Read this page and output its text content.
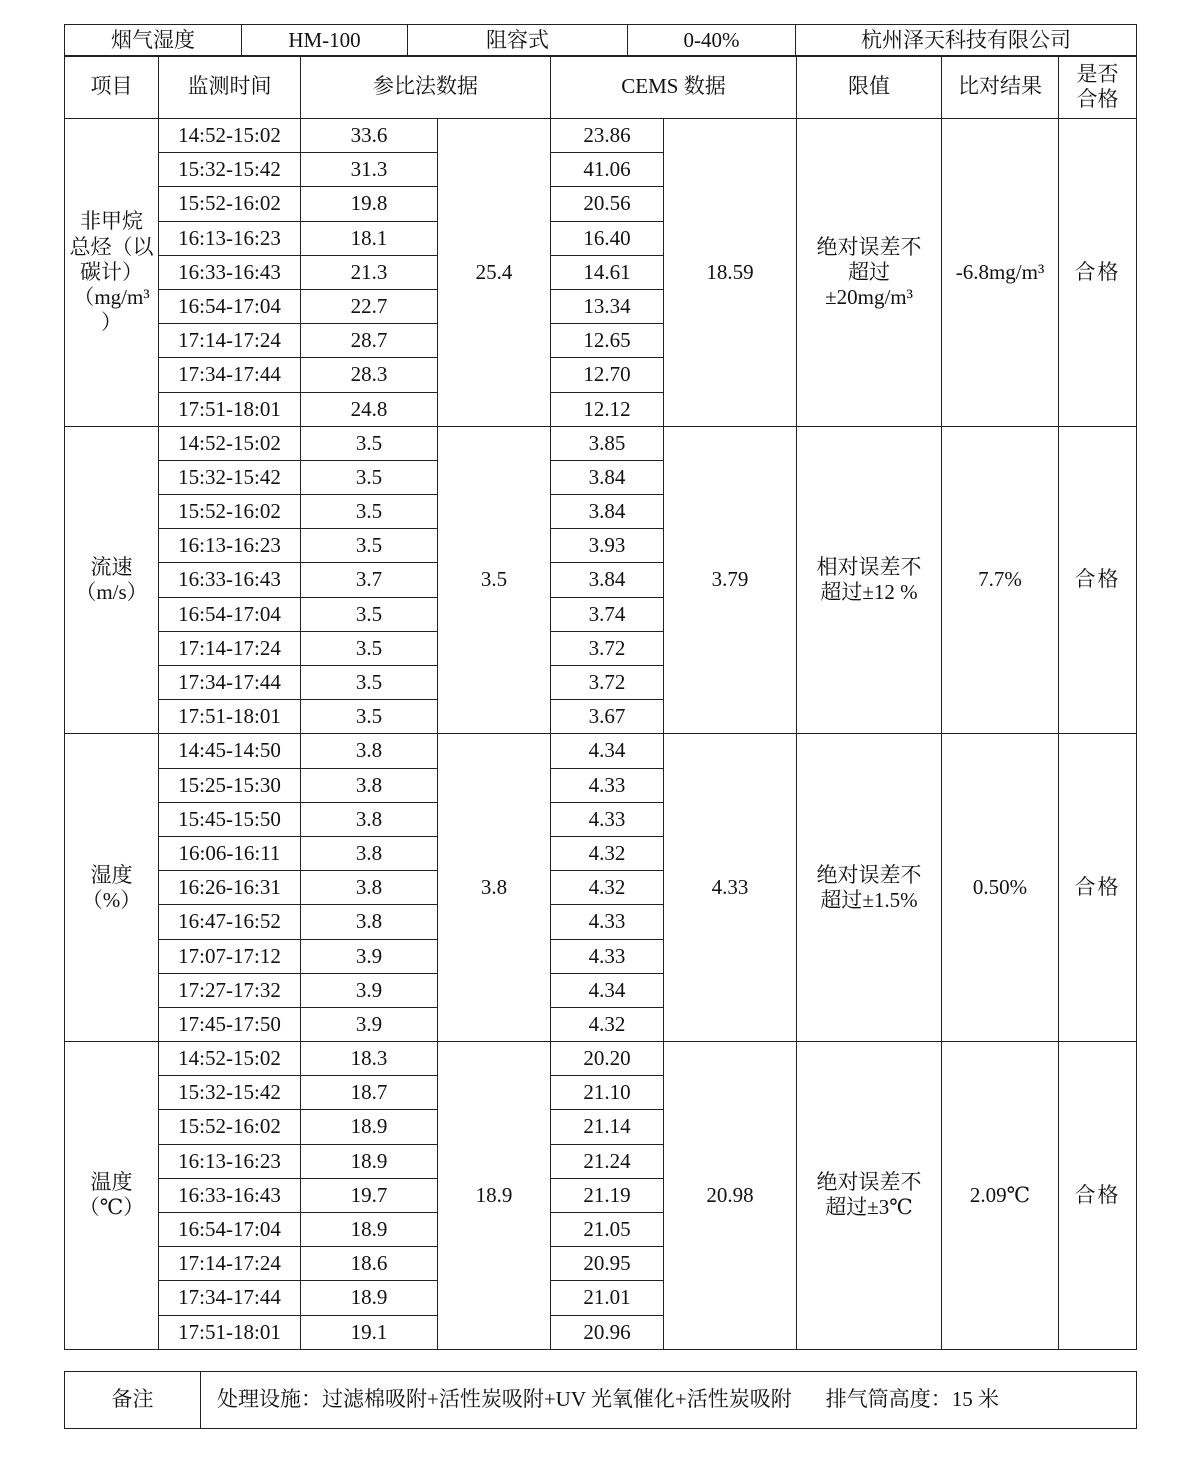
烟气湿度	HM-100	阻容式	0-40%	杭州泽天科技有限公司
项目	监测时间	参比法数据		CEMS 数据		限值	比对结果	是否
合格
非甲烷
总烃（以
碳计）
（mg/m³
）	14:52-15:02	33.6	25.4	23.86	18.59	绝对误差不
超过
±20mg/m³	-6.8mg/m³	合格
	15:32-15:42	31.3		41.06				
	15:52-16:02	19.8		20.56				
	16:13-16:23	18.1		16.40				
	16:33-16:43	21.3		14.61				
	16:54-17:04	22.7		13.34				
	17:14-17:24	28.7		12.65				
	17:34-17:44	28.3		12.70				
	17:51-18:01	24.8		12.12				
流速
（m/s）	14:52-15:02	3.5	3.5	3.85	3.79	相对误差不
超过±12 %	7.7%	合格
	15:32-15:42	3.5		3.84				
	15:52-16:02	3.5		3.84				
	16:13-16:23	3.5		3.93				
	16:33-16:43	3.7		3.84				
	16:54-17:04	3.5		3.74				
	17:14-17:24	3.5		3.72				
	17:34-17:44	3.5		3.72				
	17:51-18:01	3.5		3.67				
湿度
（%）	14:45-14:50	3.8	3.8	4.34	4.33	绝对误差不
超过±1.5%	0.50%	合格
	15:25-15:30	3.8		4.33				
	15:45-15:50	3.8		4.33				
	16:06-16:11	3.8		4.32				
	16:26-16:31	3.8		4.32				
	16:47-16:52	3.8		4.33				
	17:07-17:12	3.9		4.33				
	17:27-17:32	3.9		4.34				
	17:45-17:50	3.9		4.32				
温度
（℃）	14:52-15:02	18.3	18.9	20.20	20.98	绝对误差不
超过±3℃	2.09℃	合格
	15:32-15:42	18.7		21.10				
	15:52-16:02	18.9		21.14				
	16:13-16:23	18.9		21.24				
	16:33-16:43	19.7		21.19				
	16:54-17:04	18.9		21.05				
	17:14-17:24	18.6		20.95				
	17:34-17:44	18.9		21.01				
	17:51-18:01	19.1		20.96				
备注	处理设施：过滤棉吸附+活性炭吸附+UV 光氧催化+活性炭吸附 排气筒高度：15 米
